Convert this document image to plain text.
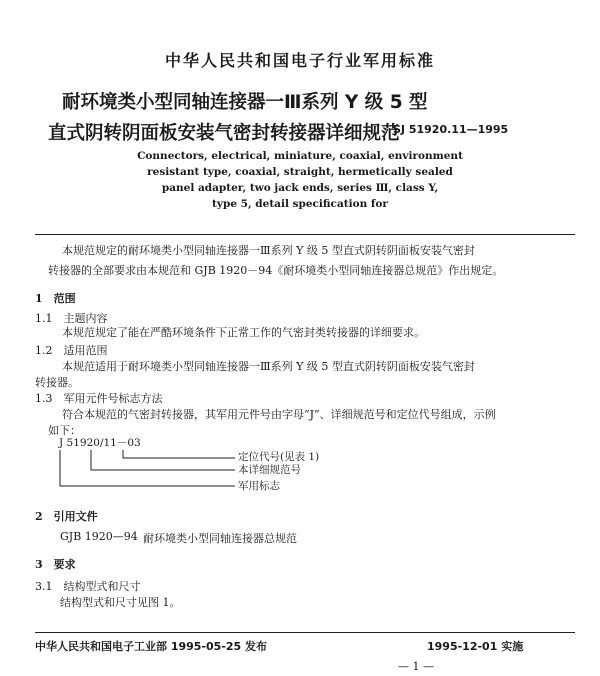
中华人民共和国电子行业军用标准
耐环境类小型同轴连接器一Ⅲ系列 Y 级 5 型
直式阴转阴面板安装气密封转接器详细规范
SJ 51920.11—1995
Connectors, electrical, miniature, coaxial, environment
resistant type, coaxial, straight, hermetically sealed
panel adapter, two jack ends, series Ⅲ, class Y,
type 5, detail specification for
本规范规定的耐环境类小型同轴连接器一Ⅲ系列 Y 级 5 型直式阴转阴面板安装气密封
转接器的全部要求由本规范和 GJB 1920－94《耐环境类小型同轴连接器总规范》作出规定。
1　范围
1.1　主题内容
本规范规定了能在严酷环境条件下正常工作的气密封类转接器的详细要求。
1.2　适用范围
本规范适用于耐环境类小型同轴连接器一Ⅲ系列 Y 级 5 型直式阴转阴面板安装气密封
转接器。
1.3　军用元件号标志方法
符合本规范的气密封转接器，其军用元件号由字母“J”、详细规范号和定位代号组成，示例
如下：
J 51920/11－03
定位代号(见表 1)
本详细规范号
军用标志
2　引用文件
GJB 1920—94 耐环境类小型同轴连接器总规范
3　要求
3.1　结构型式和尺寸
结构型式和尺寸见图 1。
中华人民共和国电子工业部 1995-05-25 发布	1995-12-01 实施
— 1 —
